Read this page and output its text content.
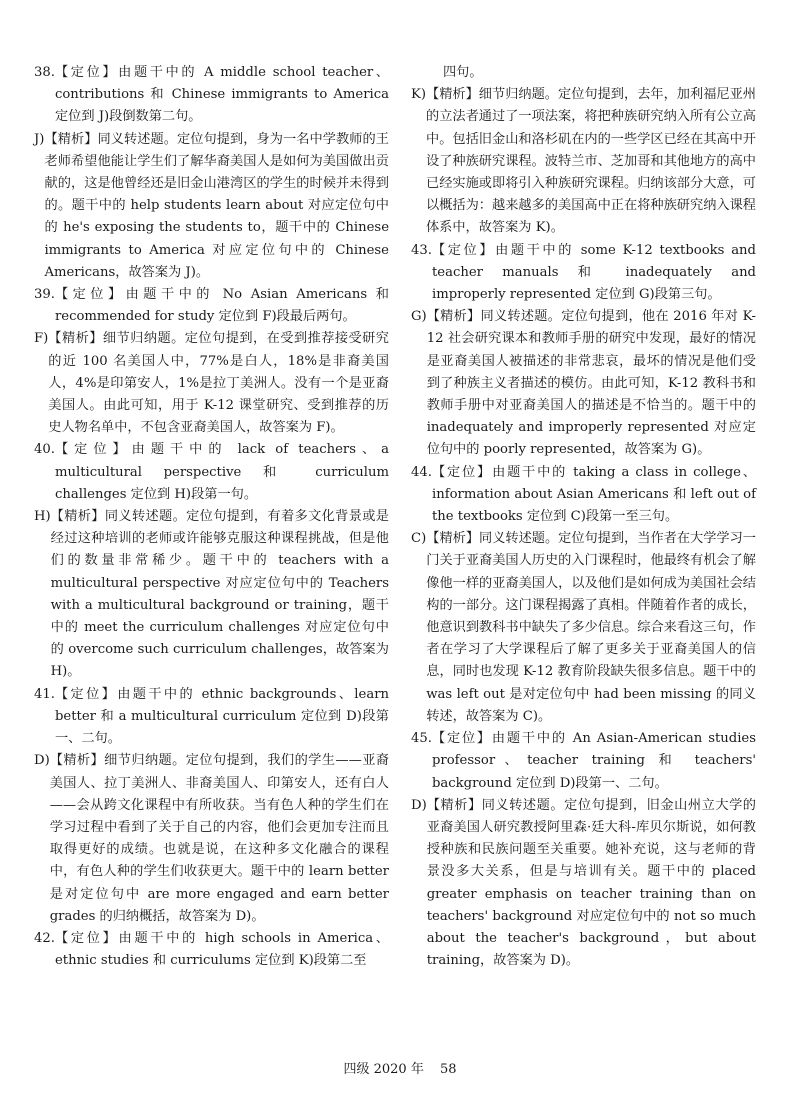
38. 【定位】由题干中的 A middle school teacher、contributions 和 Chinese immigrants to America 定位到 J)段倒数第二句。
J) 【精析】同义转述题。定位句提到，身为一名中学教师的王老师希望他能让学生们了解华裔美国人是如何为美国做出贡献的，这是他曾经还是旧金山港湾区的学生的时候并未得到的。题干中的 help students learn about 对应定位句中的 he's exposing the students to，题干中的 Chinese immigrants to America 对应定位句中的 Chinese Americans，故答案为 J)。
39. 【定位】由题干中的 No Asian Americans 和 recommended for study 定位到 F)段最后两句。
F) 【精析】细节归纳题。定位句提到，在受到推荐接受研究的近 100 名美国人中，77%是白人，18%是非裔美国人，4%是印第安人，1%是拉丁美洲人。没有一个是亚裔美国人。由此可知，用于 K-12 课堂研究、受到推荐的历史人物名单中，不包含亚裔美国人，故答案为 F)。
40. 【定位】由题干中的 lack of teachers、a multicultural perspective 和 curriculum challenges 定位到 H)段第一句。
H) 【精析】同义转述题。定位句提到，有着多文化背景或是经过这种培训的老师或许能够克服这种课程挑战，但是他们的数量非常稀少。题干中的 teachers with a multicultural perspective 对应定位句中的 Teachers with a multicultural background or training，题干中的 meet the curriculum challenges 对应定位句中的 overcome such curriculum challenges，故答案为 H)。
41. 【定位】由题干中的 ethnic backgrounds、learn better 和 a multicultural curriculum 定位到 D)段第一、二句。
D) 【精析】细节归纳题。定位句提到，我们的学生——亚裔美国人、拉丁美洲人、非裔美国人、印第安人，还有白人——会从跨文化课程中有所收获。当有色人种的学生们在学习过程中看到了关于自己的内容，他们会更加专注而且取得更好的成绩。也就是说，在这种多文化融合的课程中，有色人种的学生们收获更大。题干中的 learn better 是对定位句中 are more engaged and earn better grades 的归纳概括，故答案为 D)。
42. 【定位】由题干中的 high schools in America、ethnic studies 和 curriculums 定位到 K)段第二至
四句。
K) 【精析】细节归纳题。定位句提到，去年，加利福尼亚州的立法者通过了一项法案，将把种族研究纳入所有公立高中。包括旧金山和洛杉矶在内的一些学区已经在其高中开设了种族研究课程。波特兰市、芝加哥和其他地方的高中已经实施或即将引入种族研究课程。归纳该部分大意，可以概括为：越来越多的美国高中正在将种族研究纳入课程体系中，故答案为 K)。
43. 【定位】由题干中的 some K-12 textbooks and teacher manuals 和 inadequately and improperly represented 定位到 G)段第三句。
G) 【精析】同义转述题。定位句提到，他在 2016 年对 K-12 社会研究课本和教师手册的研究中发现，最好的情况是亚裔美国人被描述的非常悲哀，最坏的情况是他们受到了种族主义者描述的模仿。由此可知，K-12 教科书和教师手册中对亚裔美国人的描述是不恰当的。题干中的 inadequately and improperly represented 对应定位句中的 poorly represented，故答案为 G)。
44. 【定位】由题干中的 taking a class in college、information about Asian Americans 和 left out of the textbooks 定位到 C)段第一至三句。
C) 【精析】同义转述题。定位句提到，当作者在大学学习一门关于亚裔美国人历史的入门课程时，他最终有机会了解像他一样的亚裔美国人，以及他们是如何成为美国社会结构的一部分。这门课程揭露了真相。伴随着作者的成长，他意识到教科书中缺失了多少信息。综合来看这三句，作者在学习了大学课程后了解了更多关于亚裔美国人的信息，同时也发现 K-12 教育阶段缺失很多信息。题干中的 was left out 是对定位句中 had been missing 的同义转述，故答案为 C)。
45. 【定位】由题干中的 An Asian-American studies professor、teacher training 和 teachers' background 定位到 D)段第一、二句。
D) 【精析】同义转述题。定位句提到，旧金山州立大学的亚裔美国人研究教授阿里森·廷大科-库贝尔斯说，如何教授种族和民族问题至关重要。她补充说，这与老师的背景没多大关系，但是与培训有关。题干中的 placed greater emphasis on teacher training than on teachers' background 对应定位句中的 not so much about the teacher's background，but about training，故答案为 D)。
四级 2020 年 58
